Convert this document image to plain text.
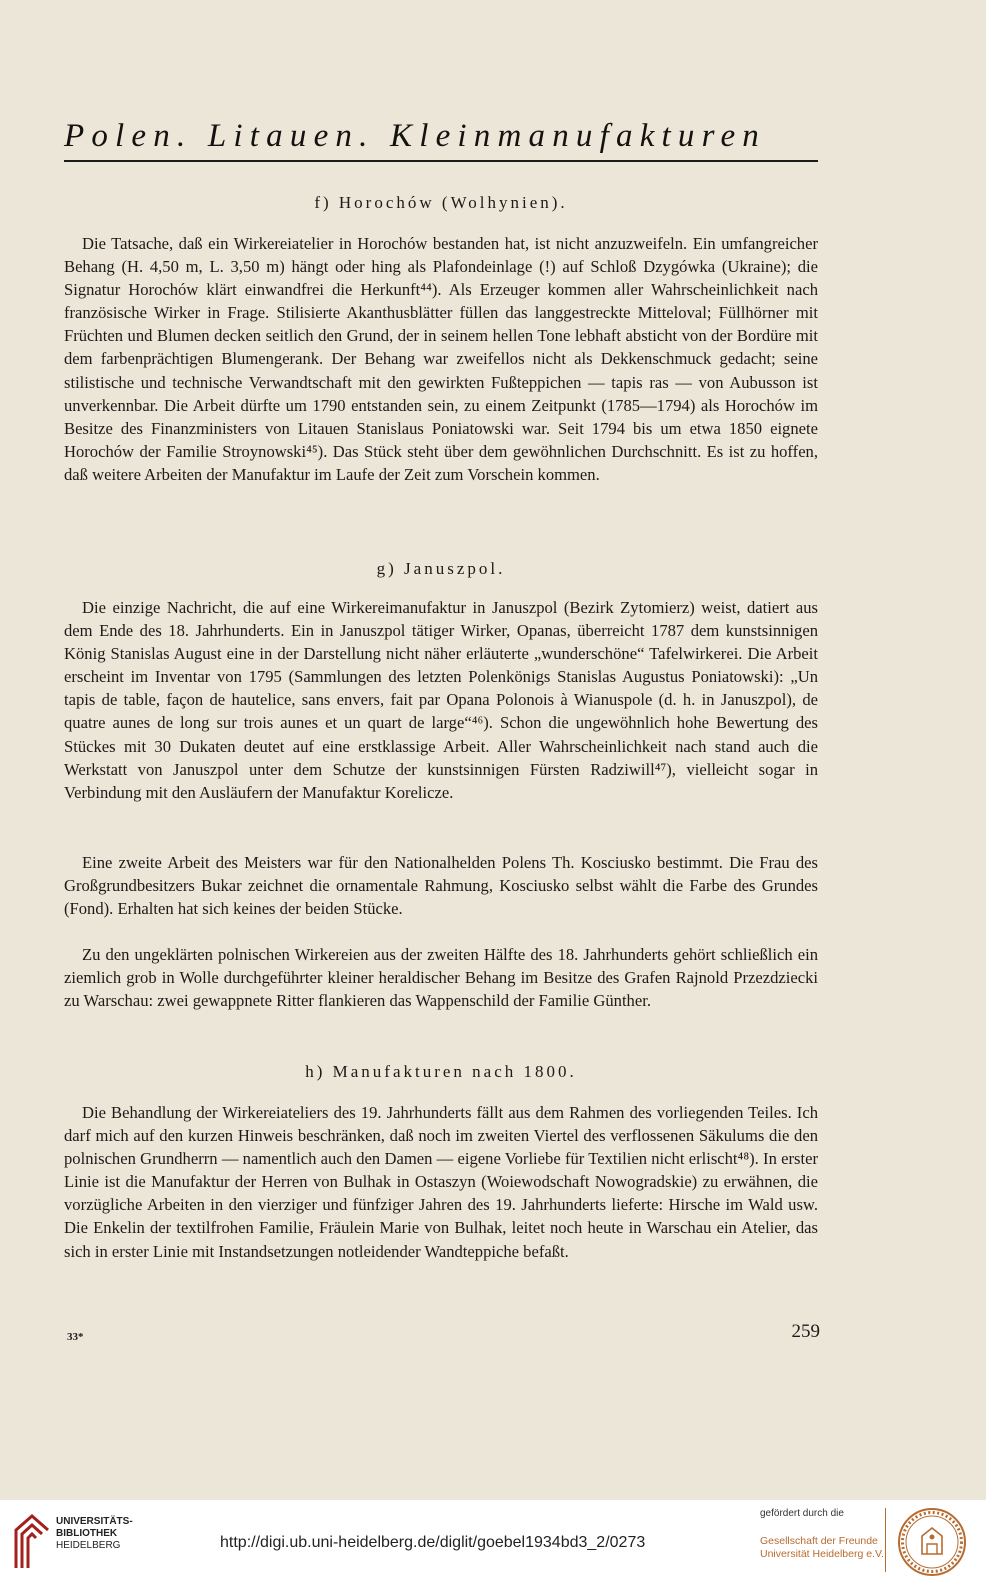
Polen. Litauen. Kleinmanufakturen
f) Horochów (Wolhynien).
Die Tatsache, daß ein Wirkereiatelier in Horochów bestanden hat, ist nicht anzuzweifeln. Ein umfangreicher Behang (H. 4,50 m, L. 3,50 m) hängt oder hing als Plafondeinlage (!) auf Schloß Dzygówka (Ukraine); die Signatur Horochów klärt einwandfrei die Herkunft⁴⁴). Als Erzeuger kommen aller Wahrscheinlichkeit nach französische Wirker in Frage. Stilisierte Akanthusblätter füllen das langgestreckte Mitteloval; Füllhörner mit Früchten und Blumen decken seitlich den Grund, der in seinem hellen Tone lebhaft absticht von der Bordüre mit dem farbenprächtigen Blumengerank. Der Behang war zweifellos nicht als Dekkenschmuck gedacht; seine stilistische und technische Verwandtschaft mit den gewirkten Fußteppichen — tapis ras — von Aubusson ist unverkennbar. Die Arbeit dürfte um 1790 entstanden sein, zu einem Zeitpunkt (1785—1794) als Horochów im Besitze des Finanzministers von Litauen Stanislaus Poniatowski war. Seit 1794 bis um etwa 1850 eignete Horochów der Familie Stroynowski⁴⁵). Das Stück steht über dem gewöhnlichen Durchschnitt. Es ist zu hoffen, daß weitere Arbeiten der Manufaktur im Laufe der Zeit zum Vorschein kommen.
g) Januszpol.
Die einzige Nachricht, die auf eine Wirkereimanufaktur in Januszpol (Bezirk Zytomierz) weist, datiert aus dem Ende des 18. Jahrhunderts. Ein in Januszpol tätiger Wirker, Opanas, überreicht 1787 dem kunstsinnigen König Stanislas August eine in der Darstellung nicht näher erläuterte „wunderschöne“ Tafelwirkerei. Die Arbeit erscheint im Inventar von 1795 (Sammlungen des letzten Polenkönigs Stanislas Augustus Poniatowski): „Un tapis de table, façon de hautelice, sans envers, fait par Opana Polonois à Wianuspole (d. h. in Januszpol), de quatre aunes de long sur trois aunes et un quart de large“⁴⁶). Schon die ungewöhnlich hohe Bewertung des Stückes mit 30 Dukaten deutet auf eine erstklassige Arbeit. Aller Wahrscheinlichkeit nach stand auch die Werkstatt von Januszpol unter dem Schutze der kunstsinnigen Fürsten Radziwill⁴⁷), vielleicht sogar in Verbindung mit den Ausläufern der Manufaktur Korelicze.
Eine zweite Arbeit des Meisters war für den Nationalhelden Polens Th. Kosciusko bestimmt. Die Frau des Großgrundbesitzers Bukar zeichnet die ornamentale Rahmung, Kosciusko selbst wählt die Farbe des Grundes (Fond). Erhalten hat sich keines der beiden Stücke.
Zu den ungeklärten polnischen Wirkereien aus der zweiten Hälfte des 18. Jahrhunderts gehört schließlich ein ziemlich grob in Wolle durchgeführter kleiner heraldischer Behang im Besitze des Grafen Rajnold Przezdziecki zu Warschau: zwei gewappnete Ritter flankieren das Wappenschild der Familie Günther.
h) Manufakturen nach 1800.
Die Behandlung der Wirkereiateliers des 19. Jahrhunderts fällt aus dem Rahmen des vorliegenden Teiles. Ich darf mich auf den kurzen Hinweis beschränken, daß noch im zweiten Viertel des verflossenen Säkulums die den polnischen Grundherrn — namentlich auch den Damen — eigene Vorliebe für Textilien nicht erlischt⁴⁸). In erster Linie ist die Manufaktur der Herren von Bulhak in Ostaszyn (Woiewodschaft Nowogradskie) zu erwähnen, die vorzügliche Arbeiten in den vierziger und fünfziger Jahren des 19. Jahrhunderts lieferte: Hirsche im Wald usw. Die Enkelin der textilfrohen Familie, Fräulein Marie von Bulhak, leitet noch heute in Warschau ein Atelier, das sich in erster Linie mit Instandsetzungen notleidender Wandteppiche befaßt.
33*	259
UNIVERSITÄTS-
BIBLIOTHEK
HEIDELBERG	http://digi.ub.uni-heidelberg.de/diglit/goebel1934bd3_2/0273
gefördert durch die
Gesellschaft der Freunde
Universität Heidelberg e.V.
